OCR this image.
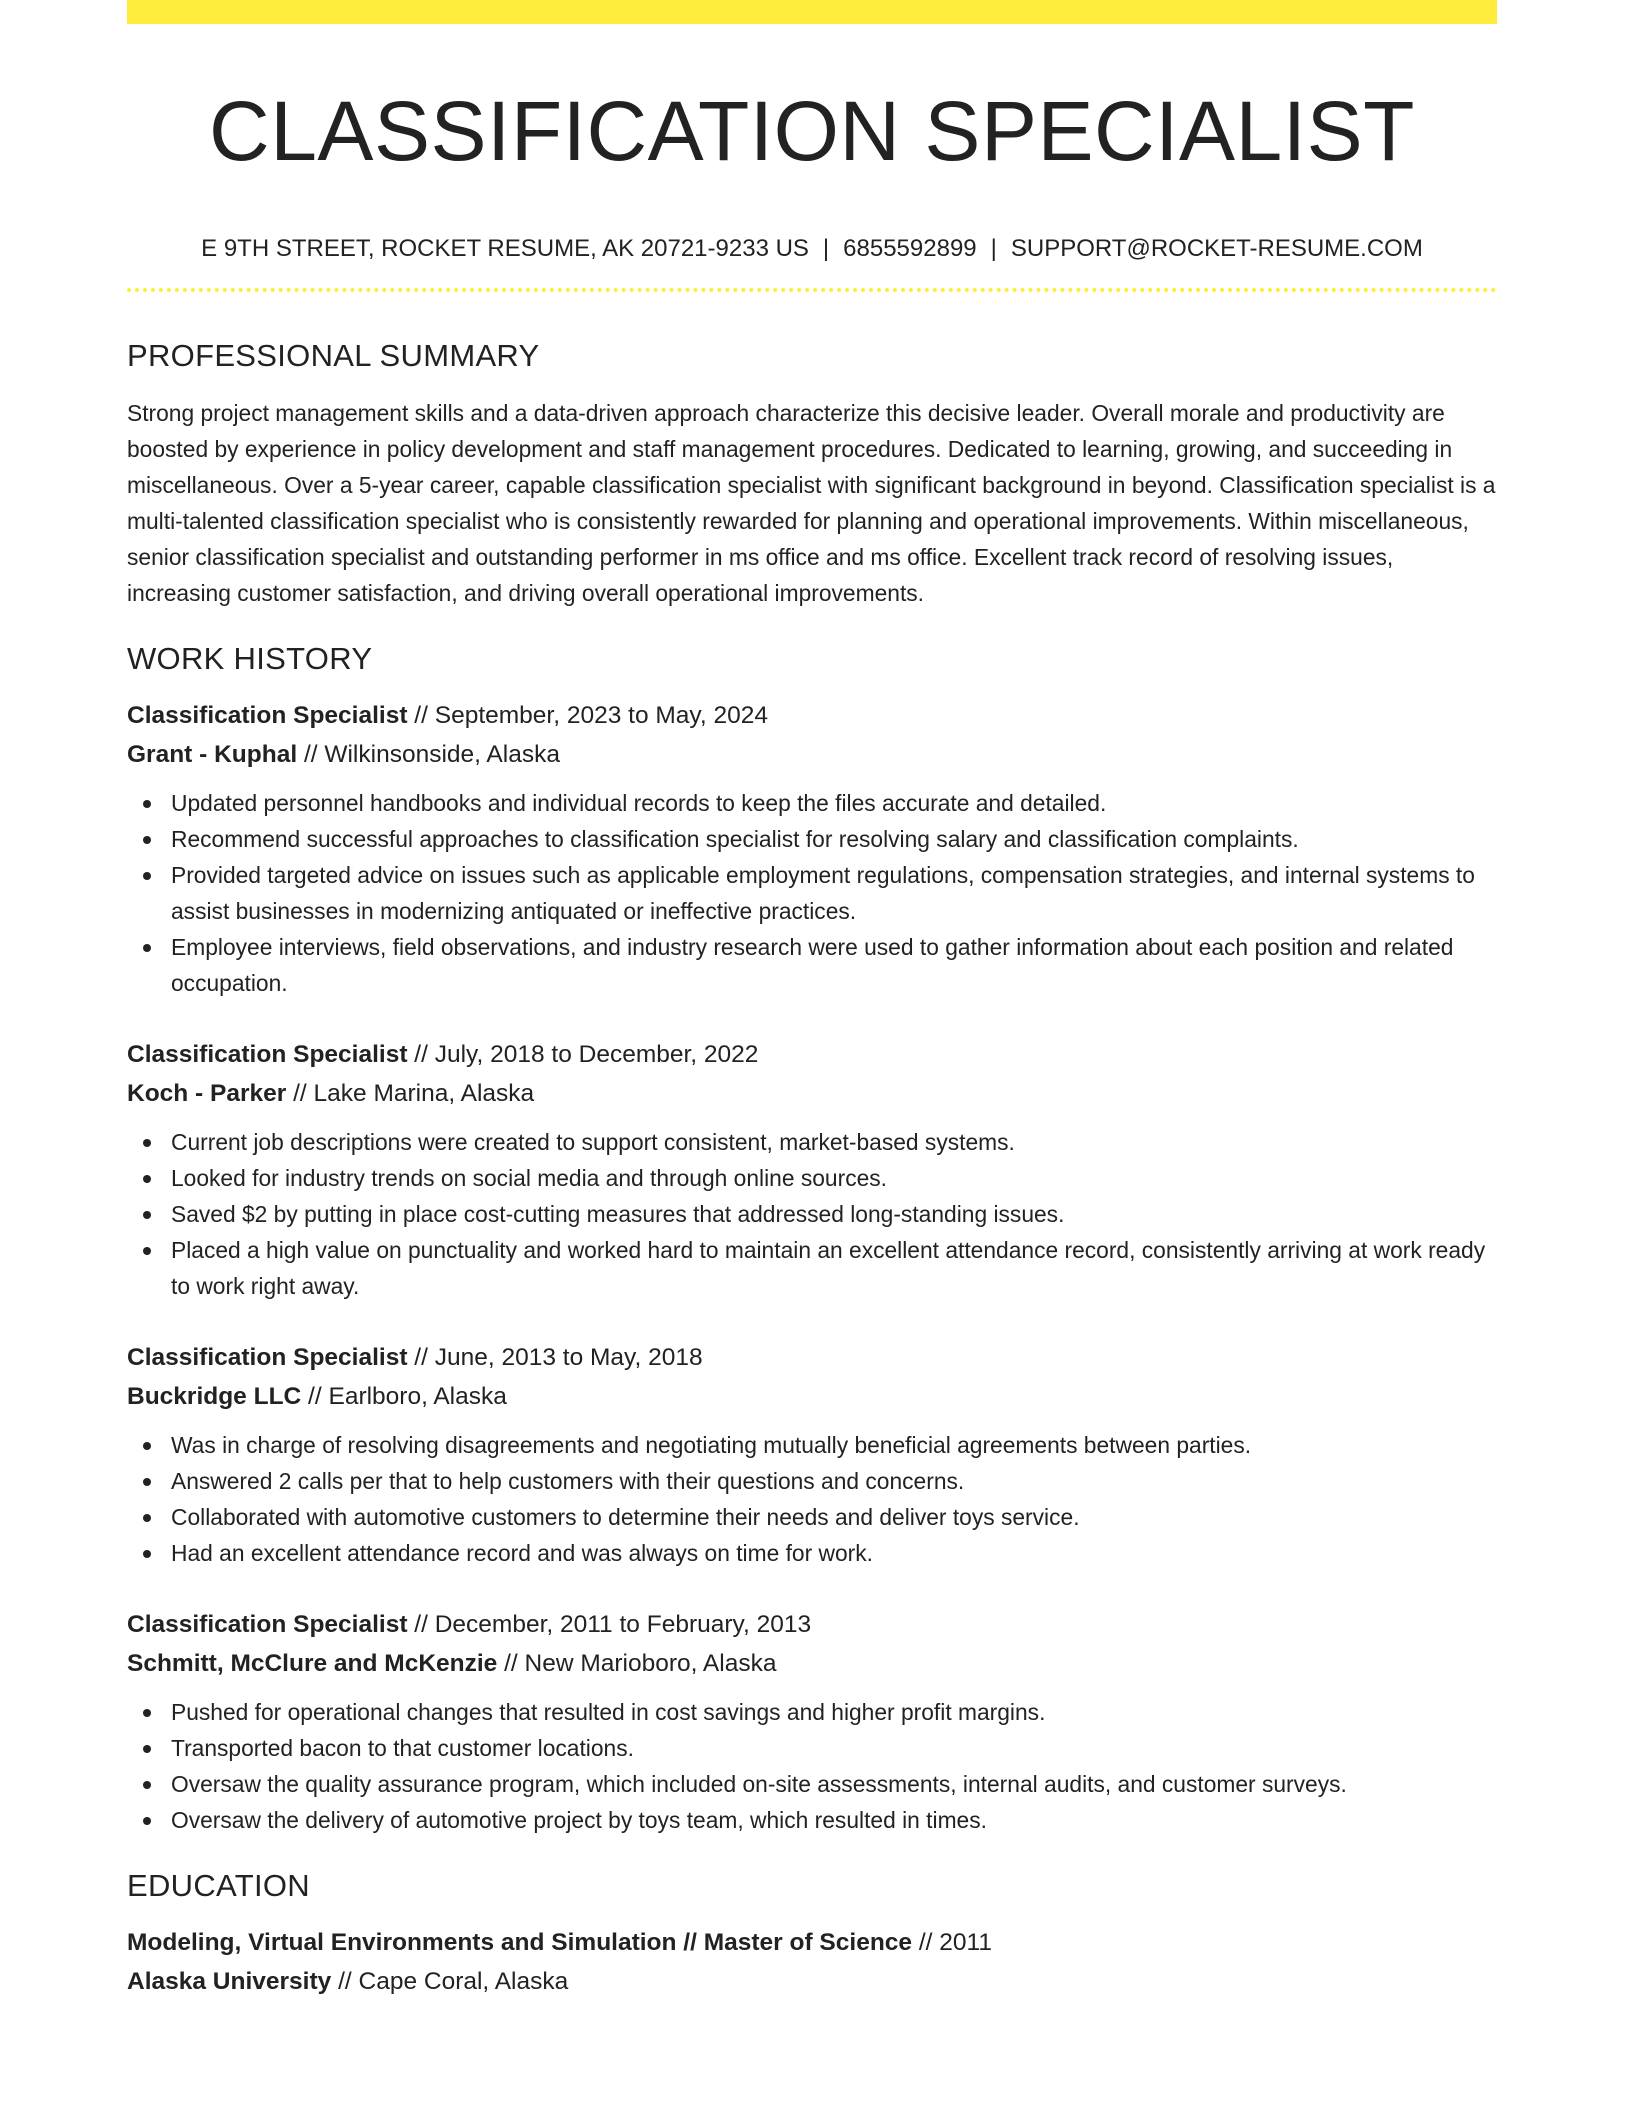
CLASSIFICATION SPECIALIST
E 9TH STREET, ROCKET RESUME, AK 20721-9233 US | 6855592899 | SUPPORT@ROCKET-RESUME.COM
PROFESSIONAL SUMMARY

Strong project management skills and a data-driven approach characterize this decisive leader. Overall morale and productivity are boosted by experience in policy development and staff management procedures. Dedicated to learning, growing, and succeeding in miscellaneous. Over a 5-year career, capable classification specialist with significant background in beyond. Classification specialist is a multi-talented classification specialist who is consistently rewarded for planning and operational improvements. Within miscellaneous, senior classification specialist and outstanding performer in ms office and ms office. Excellent track record of resolving issues, increasing customer satisfaction, and driving overall operational improvements.

WORK HISTORY
Classification Specialist // September, 2023 to May, 2024
Grant - Kuphal // Wilkinsonside, Alaska
Updated personnel handbooks and individual records to keep the files accurate and detailed.
Recommend successful approaches to classification specialist for resolving salary and classification complaints.
Provided targeted advice on issues such as applicable employment regulations, compensation strategies, and internal systems to assist businesses in modernizing antiquated or ineffective practices.
Employee interviews, field observations, and industry research were used to gather information about each position and related occupation.
Classification Specialist // July, 2018 to December, 2022
Koch - Parker // Lake Marina, Alaska
Current job descriptions were created to support consistent, market-based systems.
Looked for industry trends on social media and through online sources.
Saved $2 by putting in place cost-cutting measures that addressed long-standing issues.
Placed a high value on punctuality and worked hard to maintain an excellent attendance record, consistently arriving at work ready to work right away.
Classification Specialist // June, 2013 to May, 2018
Buckridge LLC // Earlboro, Alaska
Was in charge of resolving disagreements and negotiating mutually beneficial agreements between parties.
Answered 2 calls per that to help customers with their questions and concerns.
Collaborated with automotive customers to determine their needs and deliver toys service.
Had an excellent attendance record and was always on time for work.
Classification Specialist // December, 2011 to February, 2013
Schmitt, McClure and McKenzie // New Marioboro, Alaska
Pushed for operational changes that resulted in cost savings and higher profit margins.
Transported bacon to that customer locations.
Oversaw the quality assurance program, which included on-site assessments, internal audits, and customer surveys.
Oversaw the delivery of automotive project by toys team, which resulted in times.
EDUCATION
Modeling, Virtual Environments and Simulation // Master of Science // 2011
Alaska University // Cape Coral, Alaska
